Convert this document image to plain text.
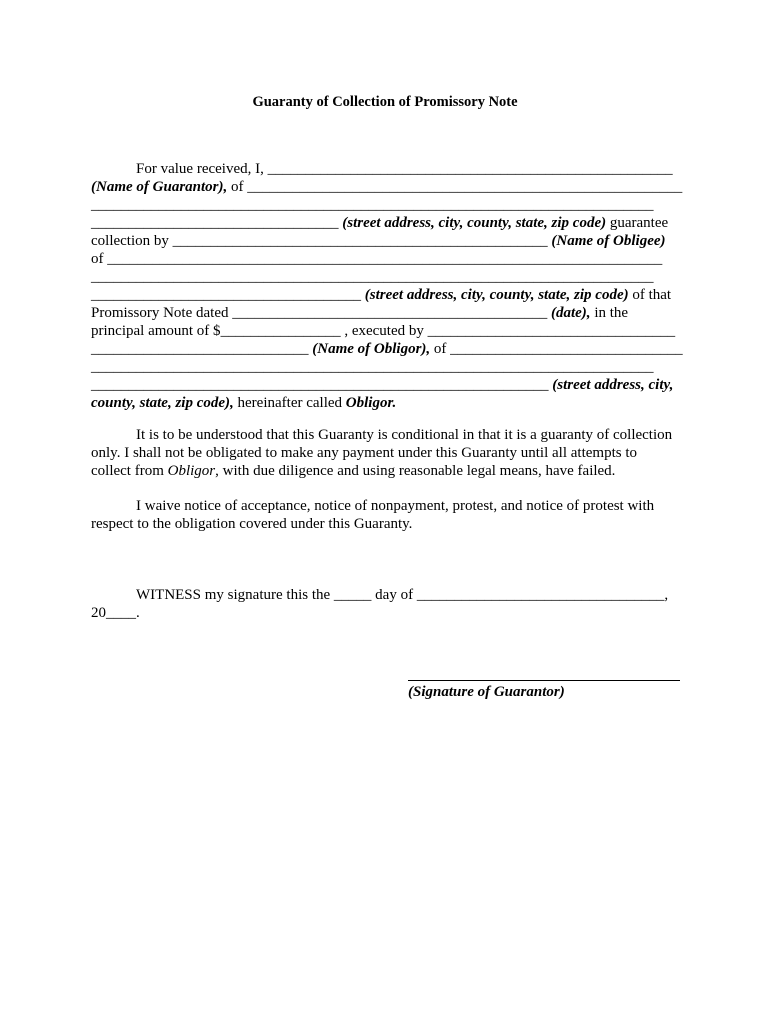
Guaranty of Collection of Promissory Note
For value received, I, ______________________________________________________
(Name of Guarantor), of __________________________________________________________
___________________________________________________________________________
_________________________________ (street address, city, county, state, zip code) guarantee
collection by __________________________________________________ (Name of Obligee)
of __________________________________________________________________________
___________________________________________________________________________
____________________________________ (street address, city, county, state, zip code) of that
Promissory Note dated __________________________________________ (date), in the
principal amount of $________________ , executed by _________________________________
_____________________________ (Name of Obligor), of _______________________________
___________________________________________________________________________
_____________________________________________________________ (street address, city,
county, state, zip code), hereinafter called Obligor.
It is to be understood that this Guaranty is conditional in that it is a guaranty of collection
only. I shall not be obligated to make any payment under this Guaranty until all attempts to
collect from Obligor, with due diligence and using reasonable legal means, have failed.
I waive notice of acceptance, notice of nonpayment, protest, and notice of protest with
respect to the obligation covered under this Guaranty.
WITNESS my signature this the _____ day of _________________________________,
20____.
(Signature of Guarantor)
